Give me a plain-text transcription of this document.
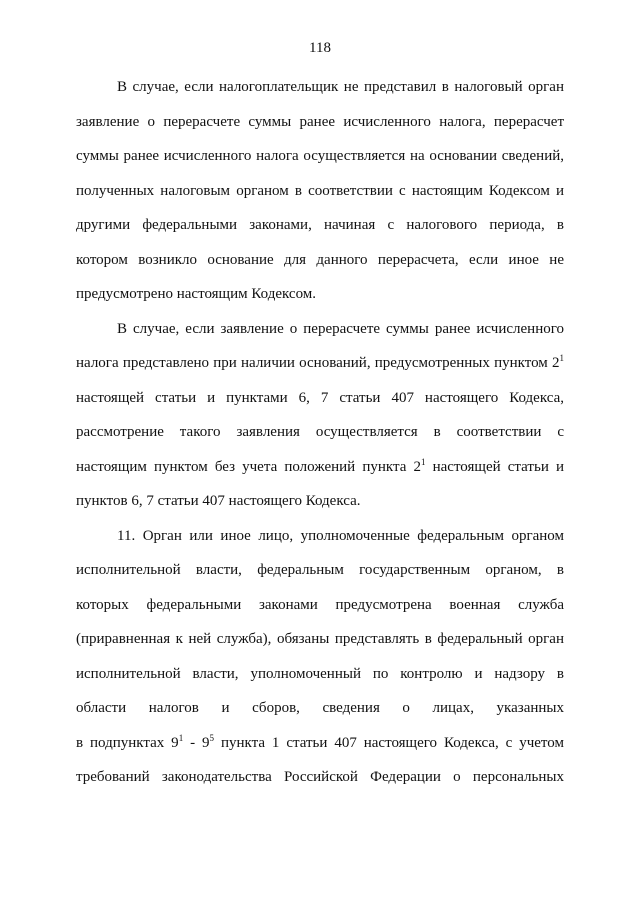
118

В случае, если налогоплательщик не представил в налоговый орган
заявление о перерасчете суммы ранее исчисленного налога, перерасчет
суммы ранее исчисленного налога осуществляется на основании сведений,
полученных налоговым органом в соответствии с настоящим Кодексом и
другими федеральными законами, начиная с налогового периода, в
котором возникло основание для данного перерасчета, если иное не
предусмотрено настоящим Кодексом.

В случае, если заявление о перерасчете суммы ранее исчисленного
налога представлено при наличии оснований, предусмотренных пунктом $2^1$
настоящей статьи и пунктами 6, 7 статьи 407 настоящего Кодекса,
рассмотрение такого заявления осуществляется в соответствии с
настоящим пунктом без учета положений пункта $2^1$ настоящей статьи и
пунктов 6, 7 статьи 407 настоящего Кодекса.

11. Орган или иное лицо, уполномоченные федеральным органом
исполнительной власти, федеральным государственным органом, в
которых федеральными законами предусмотрена военная служба
(приравненная к ней служба), обязаны представлять в федеральный орган
исполнительной власти, уполномоченный по контролю и надзору в
области налогов и сборов, сведения о лицах, указанных
в подпунктах $9^1 - 9^5$ пункта 1 статьи 407 настоящего Кодекса, с учетом
требований законодательства Российской Федерации о персональных
